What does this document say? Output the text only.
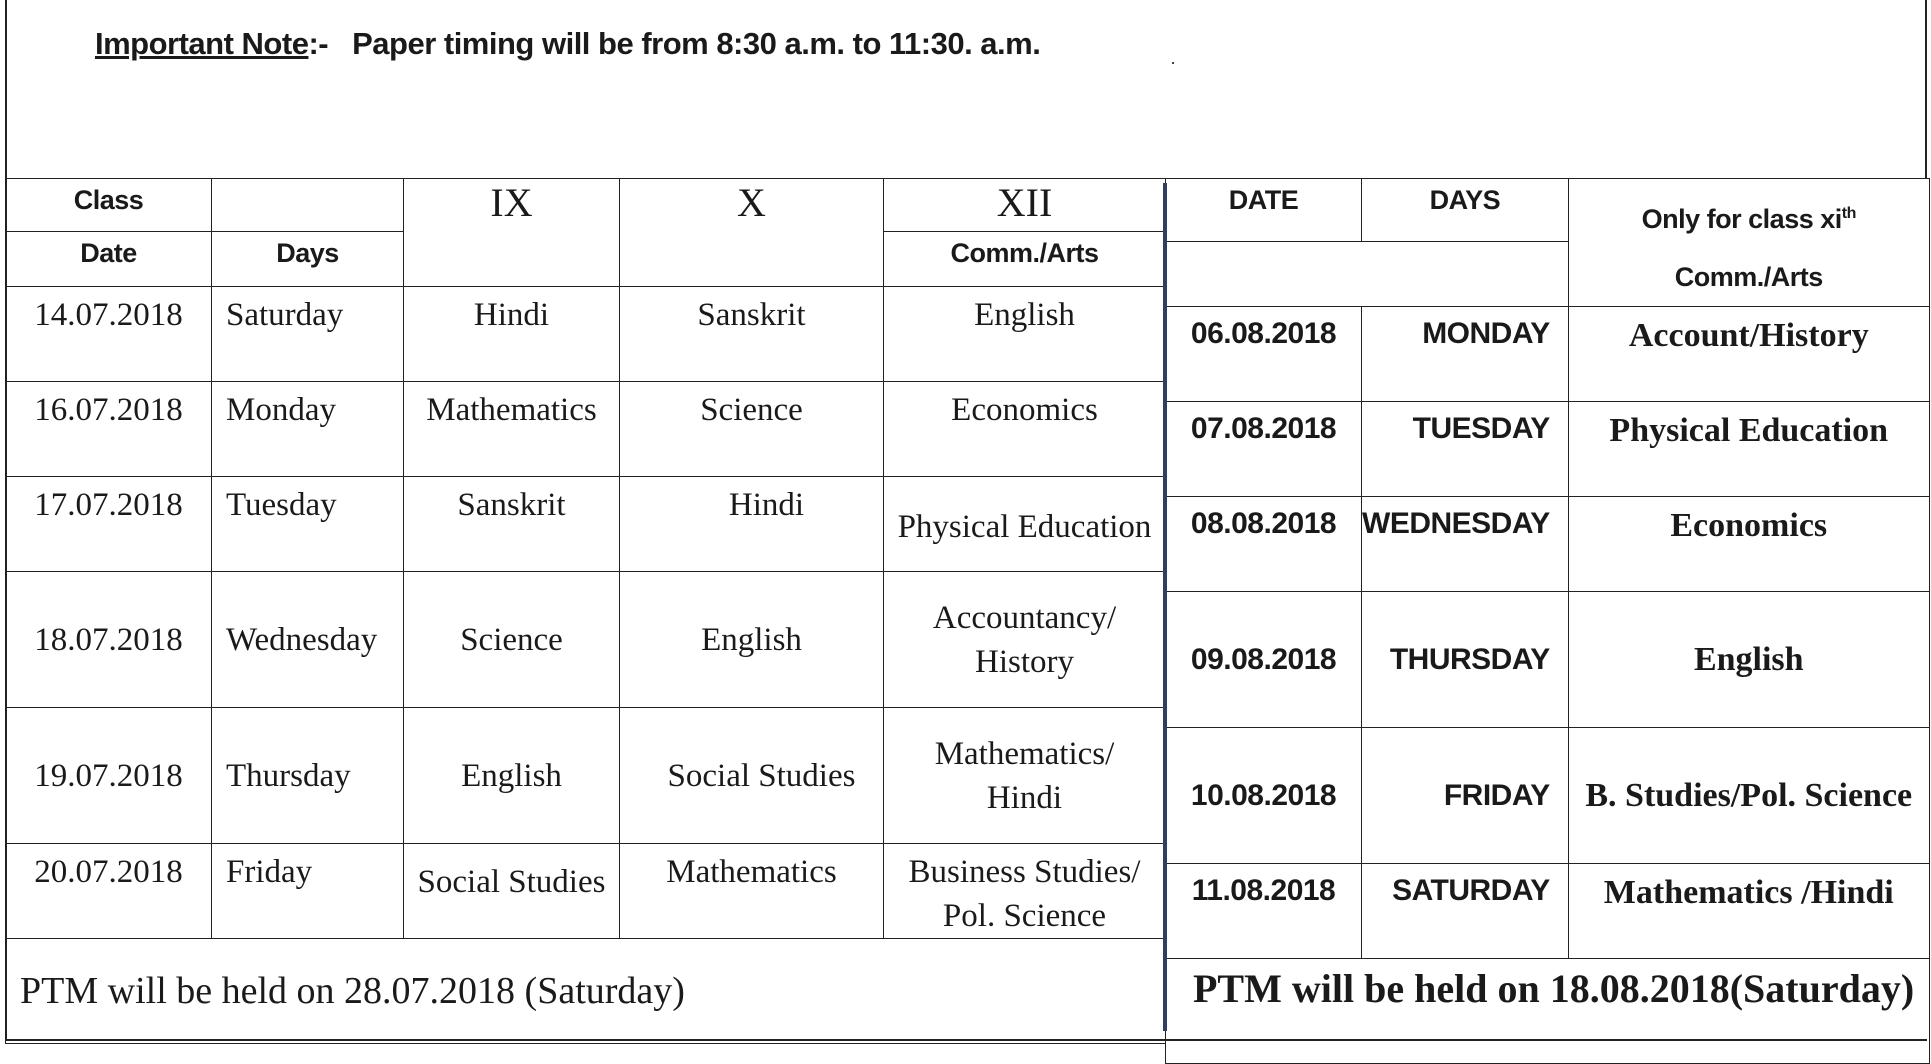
Important Note:- Paper timing will be from 8:30 a.m. to 11:30. a.m.
Class		IX	X	XII
Date	Days			Comm./Arts
14.07.2018	Saturday	Hindi	Sanskrit	English

16.07.2018	Monday	Mathematics	Science	Economics

17.07.2018	Tuesday	Sanskrit	Hindi	Physical Education

18.07.2018	Wednesday	Science	English	Accountancy/
History

19.07.2018	Thursday	English	Social Studies	Mathematics/
Hindi

20.07.2018	Friday	Social Studies	Mathematics	Business Studies/
Pol. Science

PTM will be held on 28.07.2018 (Saturday)				
DATE	DAYS	Only for class $xi^{th}$
Comm./Arts

06.08.2018	MONDAY	Account/History
07.08.2018	TUESDAY	Physical Education
08.08.2018	WEDNESDAY	Economics
09.08.2018	THURSDAY	English
10.08.2018	FRIDAY	B. Studies/Pol. Science
11.08.2018	SATURDAY	Mathematics /Hindi
PTM will be held on 18.08.2018(Saturday)		
